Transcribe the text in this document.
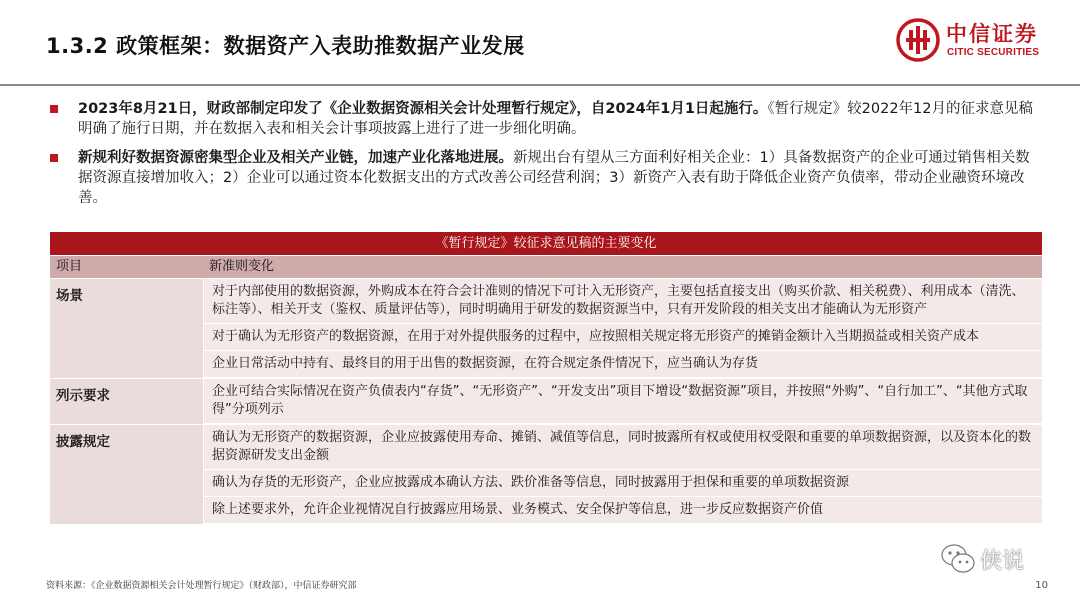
1.3.2 政策框架：数据资产入表助推数据产业发展	中信证券
CITIC SECURITIES
2023年8月21日，财政部制定印发了《企业数据资源相关会计处理暂行规定》，自2024年1月1日起施行。《暂行规定》较2022年12月的征求意见稿明确了施行日期，并在数据入表和相关会计事项披露上进行了进一步细化明确。
新规利好数据资源密集型企业及相关产业链，加速产业化落地进展。新规出台有望从三方面利好相关企业：1）具备数据资产的企业可通过销售相关数据资源直接增加收入；2）企业可以通过资本化数据支出的方式改善公司经营利润；3）新资产入表有助于降低企业资产负债率，带动企业融资环境改善。
《暂行规定》较征求意见稿的主要变化
项目	新准则变化
场景	对于内部使用的数据资源，外购成本在符合会计准则的情况下可计入无形资产，主要包括直接支出（购买价款、相关税费）、利用成本（清洗、标注等）、相关开支（鉴权、质量评估等），同时明确用于研发的数据资源当中，只有开发阶段的相关支出才能确认为无形资产
对于确认为无形资产的数据资源，在用于对外提供服务的过程中，应按照相关规定将无形资产的摊销金额计入当期损益或相关资产成本
企业日常活动中持有、最终目的用于出售的数据资源，在符合规定条件情况下，应当确认为存货
列示要求	企业可结合实际情况在资产负债表内“存货”、“无形资产”、“开发支出”项目下增设“数据资源”项目，并按照“外购”、“自行加工”、“其他方式取得”分项列示
披露规定	确认为无形资产的数据资源，企业应披露使用寿命、摊销、减值等信息，同时披露所有权或使用权受限和重要的单项数据资源，以及资本化的数据资源研发支出金额
确认为存货的无形资产，企业应披露成本确认方法、跌价准备等信息，同时披露用于担保和重要的单项数据资源
除上述要求外，允许企业视情况自行披露应用场景、业务模式、安全保护等信息，进一步反应数据资产价值
资料来源：《企业数据资源相关会计处理暂行规定》（财政部），中信证券研究部	10
侠说
